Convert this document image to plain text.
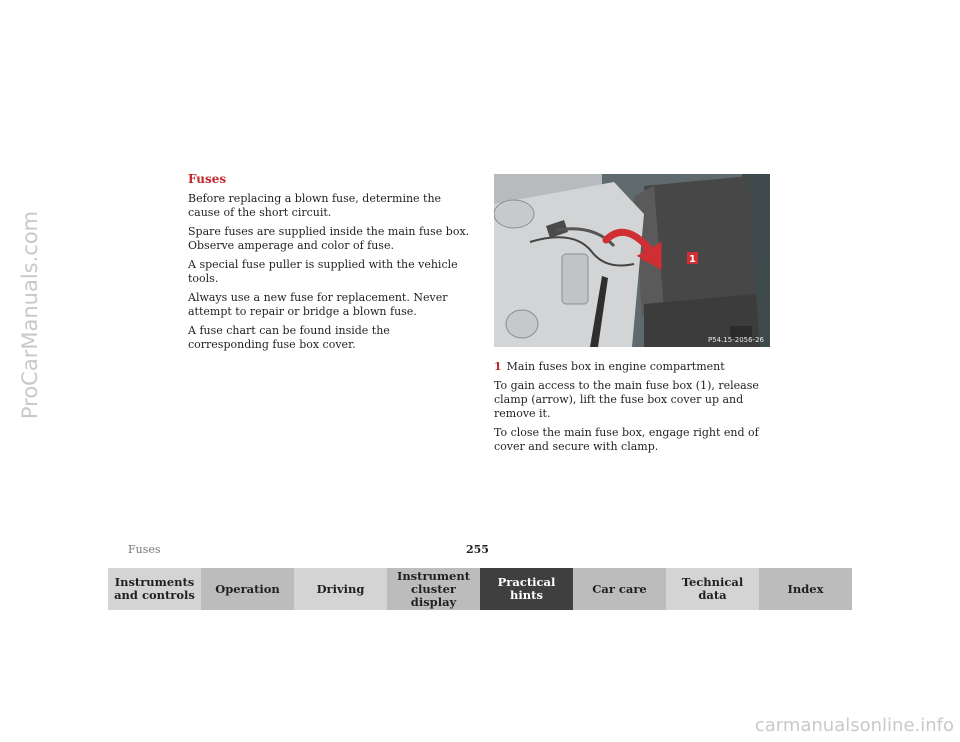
ProCarManuals.com
Fuses

Before replacing a blown fuse, determine the cause of the short circuit.

Spare fuses are supplied inside the main fuse box. Observe amperage and color of fuse.

A special fuse puller is supplied with the vehicle tools.

Always use a new fuse for replacement. Never attempt to repair or bridge a blown fuse.

A fuse chart can be found inside the corresponding fuse box cover.

1
P54.15-2056-26

1 Main fuses box in engine compartment

To gain access to the main fuse box (1), release clamp (arrow), lift the fuse box cover up and remove it.

To close the main fuse box, engage right end of cover and secure with clamp.

Fuses	255
Instruments and controls	Operation	Driving
Instrument cluster display
Practical hints	Car care	Technical data	Index
carmanualsonline.info
